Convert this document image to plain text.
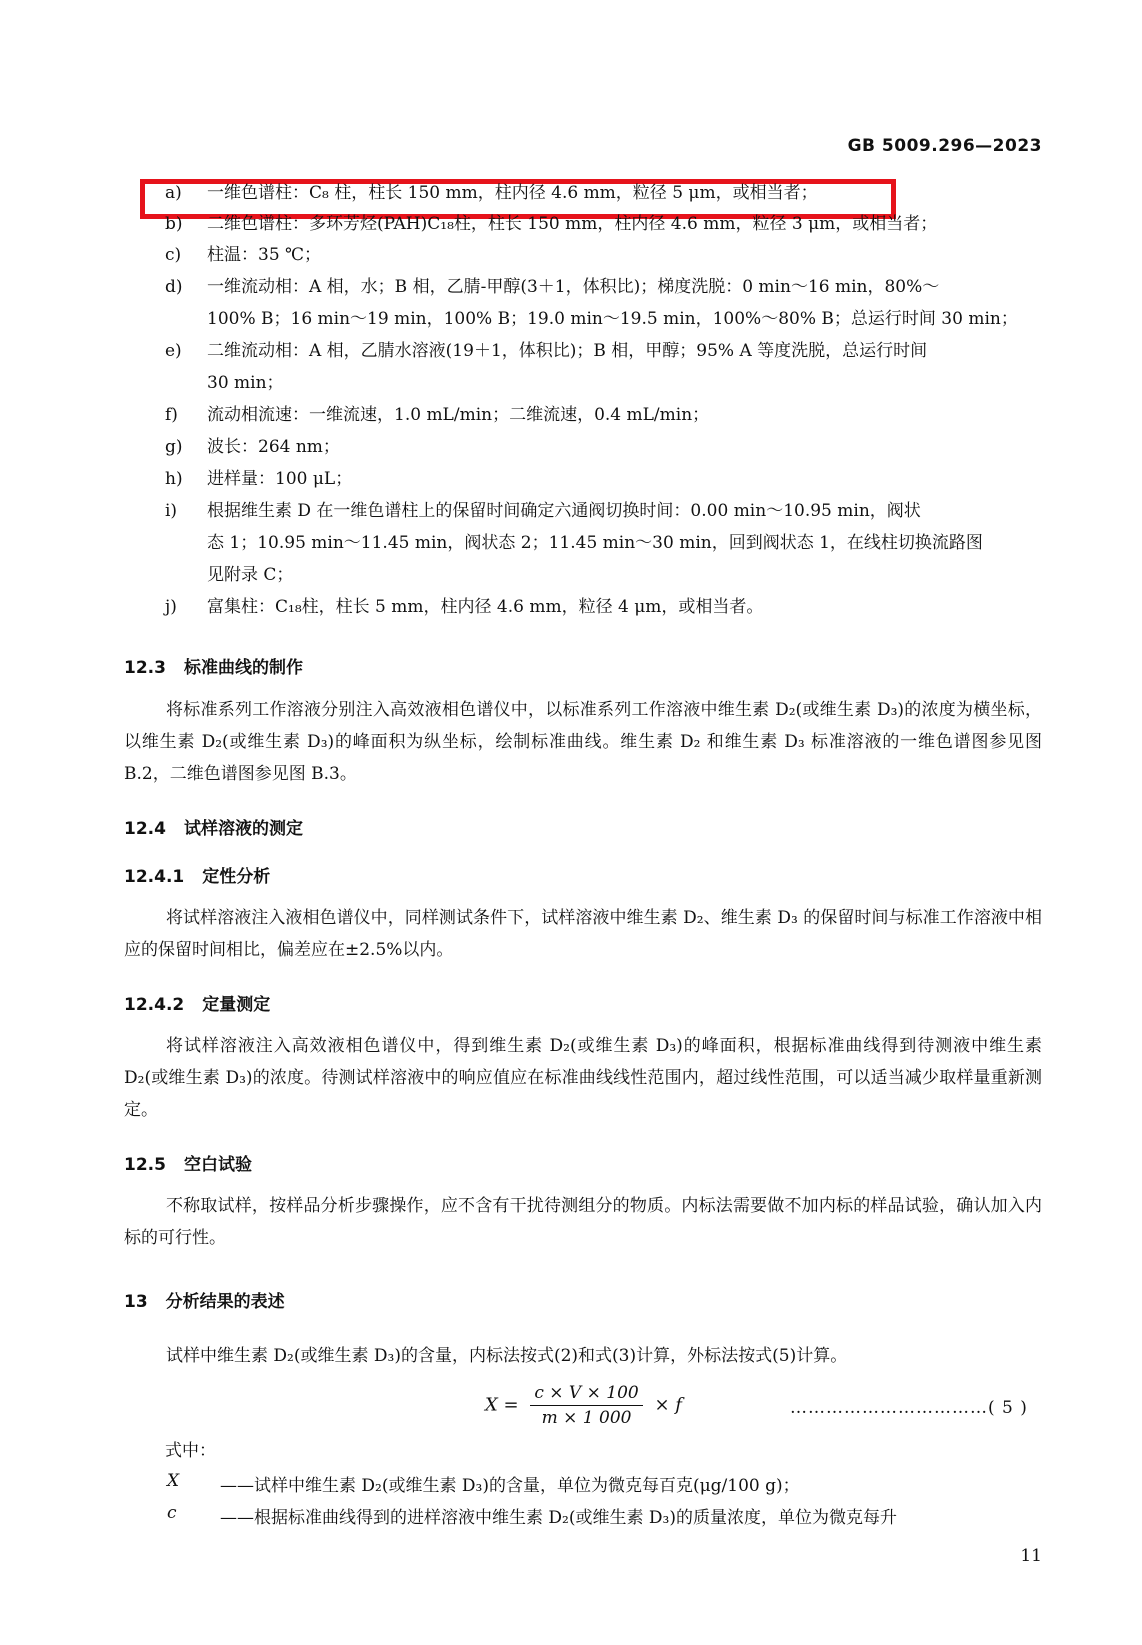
GB 5009.296—2023
a) 一维色谱柱：C₈ 柱，柱长 150 mm，柱内径 4.6 mm，粒径 5 μm，或相当者；
b) 二维色谱柱：多环芳烃(PAH)C₁₈柱，柱长 150 mm，柱内径 4.6 mm，粒径 3 μm，或相当者；
c) 柱温：35 ℃；
d) 一维流动相：A 相，水；B 相，乙腈-甲醇(3＋1，体积比)；梯度洗脱：0 min～16 min，80%～
100% B；16 min～19 min，100% B；19.0 min～19.5 min，100%～80% B；总运行时间 30 min；
e) 二维流动相：A 相，乙腈水溶液(19＋1，体积比)；B 相，甲醇；95% A 等度洗脱，总运行时间
30 min；
f) 流动相流速：一维流速，1.0 mL/min；二维流速，0.4 mL/min；
g) 波长：264 nm；
h) 进样量：100 μL；
i) 根据维生素 D 在一维色谱柱上的保留时间确定六通阀切换时间：0.00 min～10.95 min，阀状
态 1；10.95 min～11.45 min，阀状态 2；11.45 min～30 min，回到阀状态 1，在线柱切换流路图
见附录 C；
j) 富集柱：C₁₈柱，柱长 5 mm，柱内径 4.6 mm，粒径 4 μm，或相当者。
12.3 标准曲线的制作
将标准系列工作溶液分别注入高效液相色谱仪中，以标准系列工作溶液中维生素 D₂(或维生素 D₃)的浓度为横坐标，以维生素 D₂(或维生素 D₃)的峰面积为纵坐标，绘制标准曲线。维生素 D₂ 和维生素 D₃ 标准溶液的一维色谱图参见图 B.2，二维色谱图参见图 B.3。
12.4 试样溶液的测定
12.4.1 定性分析
将试样溶液注入液相色谱仪中，同样测试条件下，试样溶液中维生素 D₂、维生素 D₃ 的保留时间与标准工作溶液中相应的保留时间相比，偏差应在±2.5%以内。
12.4.2 定量测定
将试样溶液注入高效液相色谱仪中，得到维生素 D₂(或维生素 D₃)的峰面积，根据标准曲线得到待测液中维生素 D₂(或维生素 D₃)的浓度。待测试样溶液中的响应值应在标准曲线线性范围内，超过线性范围，可以适当减少取样量重新测定。
12.5 空白试验
不称取试样，按样品分析步骤操作，应不含有干扰待测组分的物质。内标法需要做不加内标的样品试验，确认加入内标的可行性。
13 分析结果的表述
试样中维生素 D₂(或维生素 D₃)的含量，内标法按式(2)和式(3)计算，外标法按式(5)计算。
$X = \frac{c \times V \times 100}{m \times 1 000} \times f$	……………………………( 5 )
式中：
X ——试样中维生素 D₂(或维生素 D₃)的含量，单位为微克每百克(μg/100 g)；
c	——根据标准曲线得到的进样溶液中维生素 D₂(或维生素 D₃)的质量浓度，单位为微克每升
11
